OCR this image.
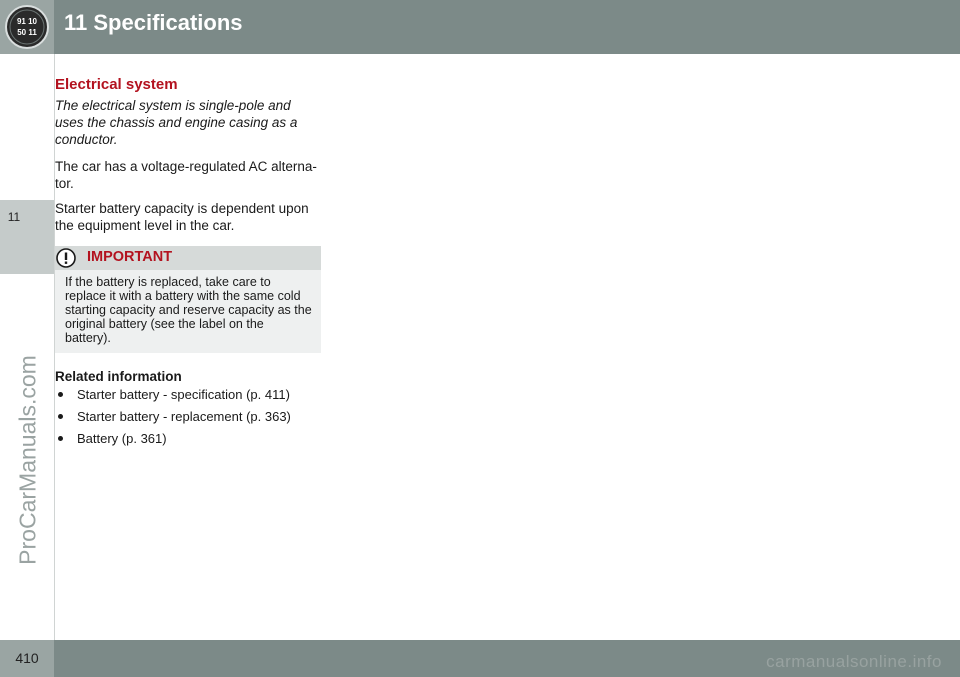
91 10
50 11 11 Specifications
11
ProCarManuals.com
Electrical system

The electrical system is single-pole and uses the chassis and engine casing as a conductor.

The car has a voltage-regulated AC alterna-tor.

Starter battery capacity is dependent upon the equipment level in the car.

IMPORTANT
If the battery is replaced, take care to replace it with a battery with the same cold starting capacity and reserve capacity as the original battery (see the label on the battery).
Related information
Starter battery - specification (p. 411)
Starter battery - replacement (p. 363)
Battery (p. 361)
410	carmanualsonline.info
